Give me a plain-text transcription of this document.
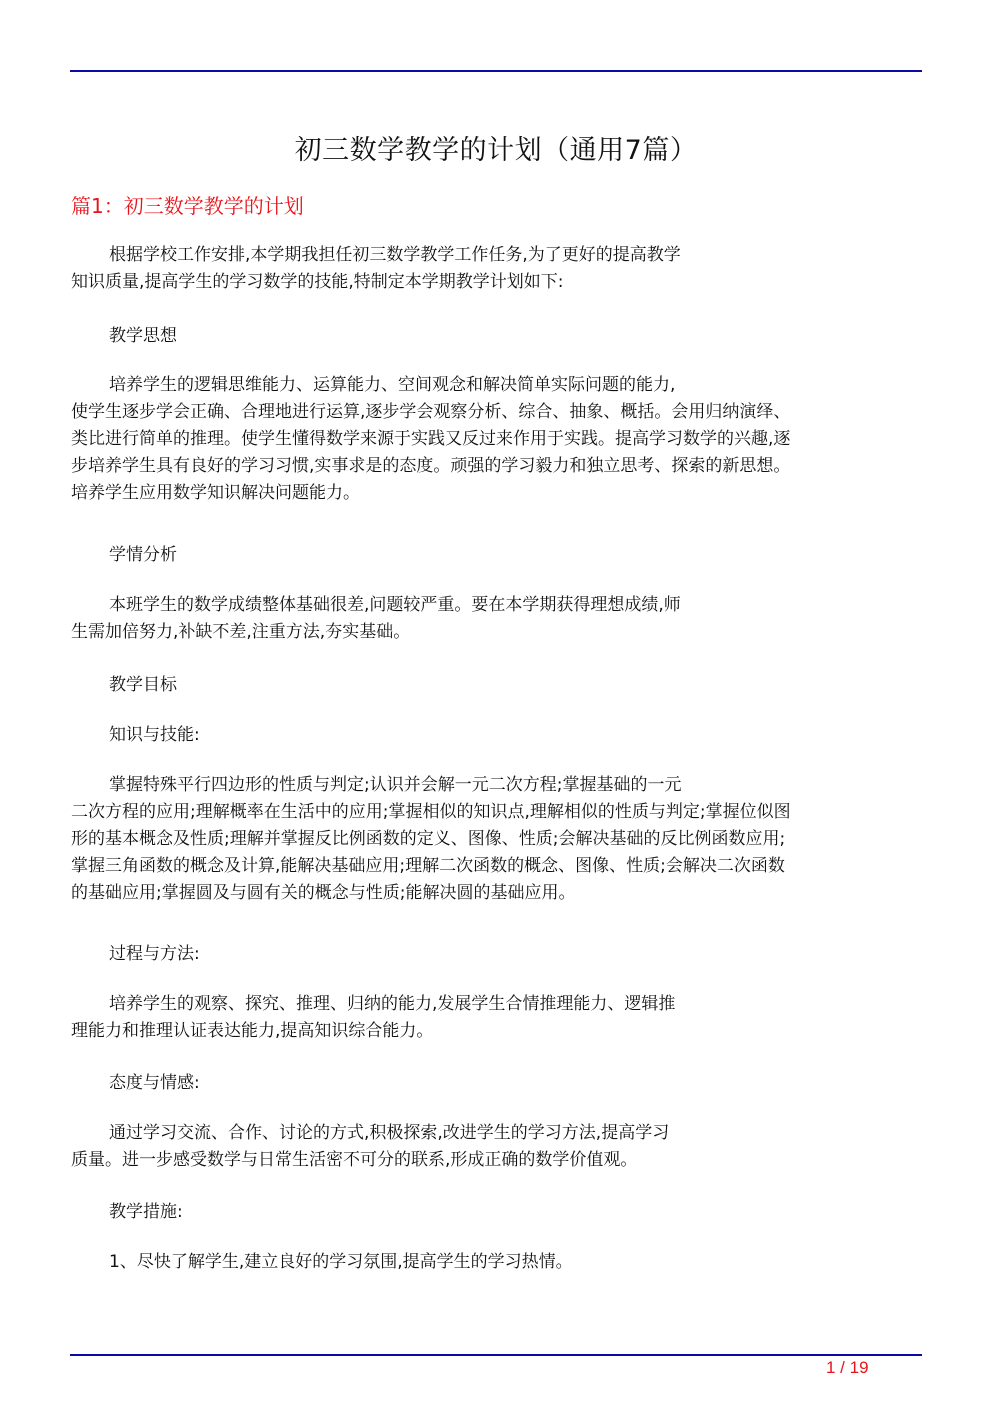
初三数学教学的计划（通用7篇）
篇1：初三数学教学的计划
根据学校工作安排,本学期我担任初三数学教学工作任务,为了更好的提高教学
知识质量,提高学生的学习数学的技能,特制定本学期教学计划如下:
教学思想
培养学生的逻辑思维能力、运算能力、空间观念和解决简单实际问题的能力,
使学生逐步学会正确、合理地进行运算,逐步学会观察分析、综合、抽象、概括。会用归纳演绎、
类比进行简单的推理。使学生懂得数学来源于实践又反过来作用于实践。提高学习数学的兴趣,逐
步培养学生具有良好的学习习惯,实事求是的态度。顽强的学习毅力和独立思考、探索的新思想。
培养学生应用数学知识解决问题能力。
学情分析
本班学生的数学成绩整体基础很差,问题较严重。要在本学期获得理想成绩,师
生需加倍努力,补缺不差,注重方法,夯实基础。
教学目标
知识与技能:
掌握特殊平行四边形的性质与判定;认识并会解一元二次方程;掌握基础的一元
二次方程的应用;理解概率在生活中的应用;掌握相似的知识点,理解相似的性质与判定;掌握位似图
形的基本概念及性质;理解并掌握反比例函数的定义、图像、性质;会解决基础的反比例函数应用;
掌握三角函数的概念及计算,能解决基础应用;理解二次函数的概念、图像、性质;会解决二次函数
的基础应用;掌握圆及与圆有关的概念与性质;能解决圆的基础应用。
过程与方法:
培养学生的观察、探究、推理、归纳的能力,发展学生合情推理能力、逻辑推
理能力和推理认证表达能力,提高知识综合能力。
态度与情感:
通过学习交流、合作、讨论的方式,积极探索,改进学生的学习方法,提高学习
质量。进一步感受数学与日常生活密不可分的联系,形成正确的数学价值观。
教学措施:
1、尽快了解学生,建立良好的学习氛围,提高学生的学习热情。
1 / 19
